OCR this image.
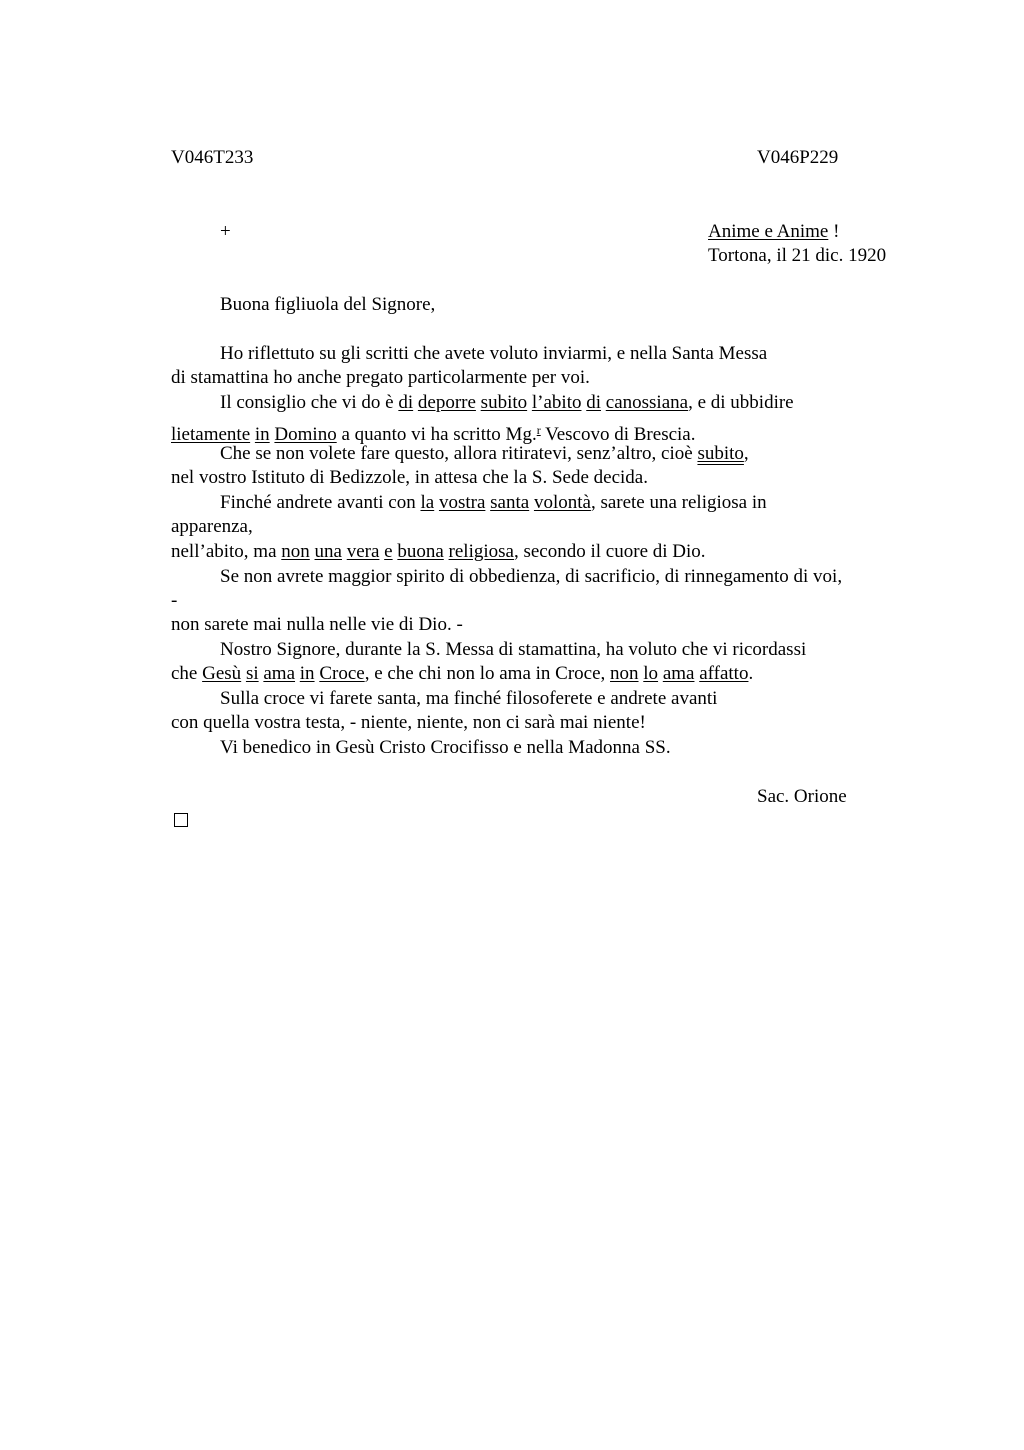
V046T233	V046P229
+	Anime e Anime !
Tortona, il 21 dic. 1920
Buona figliuola del Signore,
Ho riflettuto su gli scritti che avete voluto inviarmi, e nella Santa Messa
di stamattina ho anche pregato particolarmente per voi.
Il consiglio che vi do è di deporre subito l’abito di canossiana, e di ubbidire
lietamente in Domino a quanto vi ha scritto Mg.$^r$ Vescovo di Brescia.
Che se non volete fare questo, allora ritiratevi, senz’altro, cioè subito,
nel vostro Istituto di Bedizzole, in attesa che la S. Sede decida.
Finché andrete avanti con la vostra santa volontà, sarete una religiosa in
apparenza,
nell’abito, ma non una vera e buona religiosa, secondo il cuore di Dio.
Se non avrete maggior spirito di obbedienza, di sacrificio, di rinnegamento di voi,
-
non sarete mai nulla nelle vie di Dio. -
Nostro Signore, durante la S. Messa di stamattina, ha voluto che vi ricordassi
che Gesù si ama in Croce, e che chi non lo ama in Croce, non lo ama affatto.
Sulla croce vi farete santa, ma finché filosoferete e andrete avanti
con quella vostra testa, - niente, niente, non ci sarà mai niente!
Vi benedico in Gesù Cristo Crocifisso e nella Madonna SS.
Sac. Orione
